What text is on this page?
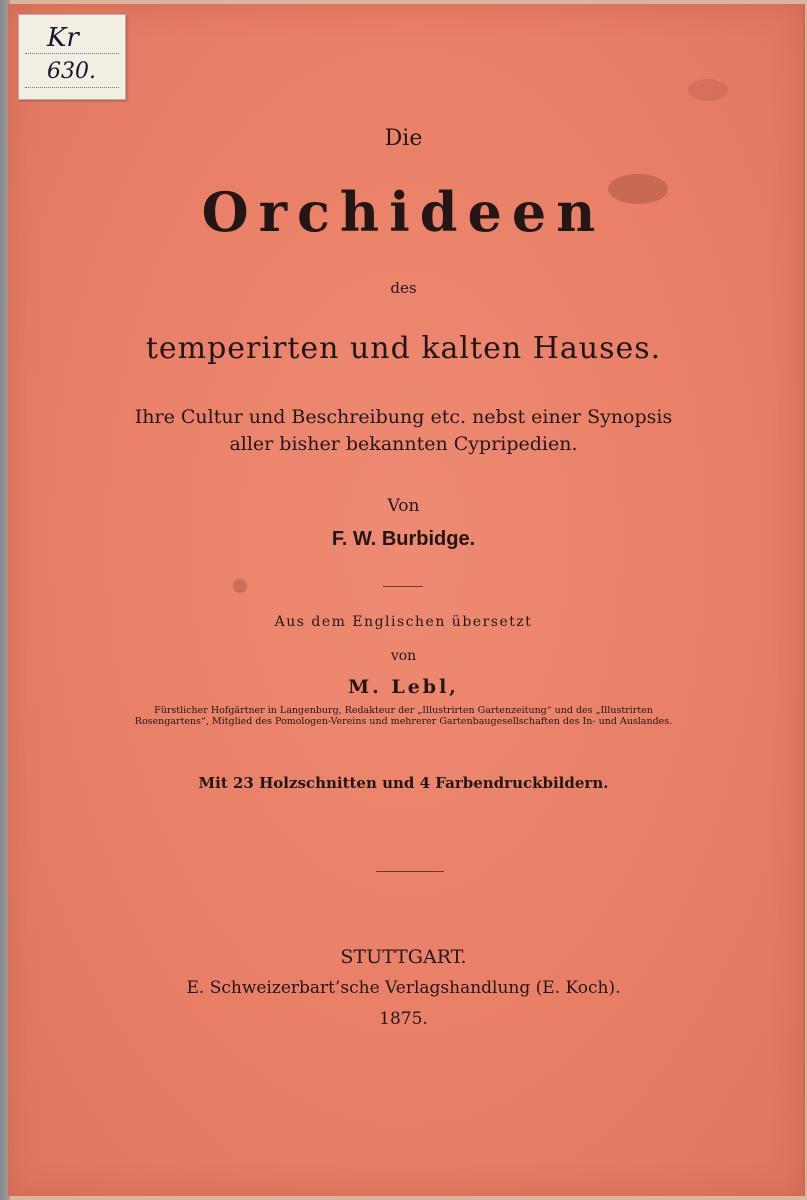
Kr
630.
Die
Orchideen
des
temperirten und kalten Hauses.
Ihre Cultur und Beschreibung etc. nebst einer Synopsis
aller bisher bekannten Cypripedien.
Von
F. W. Burbidge.
Aus dem Englischen übersetzt
von
M. Lebl,
Fürstlicher Hofgärtner in Langenburg, Redakteur der „Illustrirten Gartenzeitung“ und des „Illustrirten Rosengartens“, Mitglied des Pomologen-Vereins und mehrerer Gartenbaugesellschaften des In- und Auslandes.
Mit 23 Holzschnitten und 4 Farbendruckbildern.
STUTTGART.
E. Schweizerbart’sche Verlagshandlung (E. Koch).
1875.
